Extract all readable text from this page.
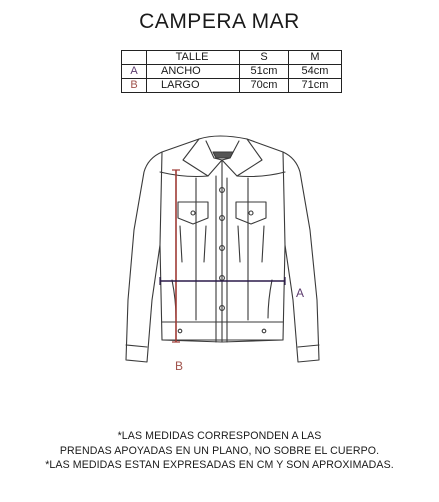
CAMPERA MAR
	TALLE	S	M
A	ANCHO	51cm	54cm
B	LARGO	70cm	71cm
A
B
*LAS MEDIDAS CORRESPONDEN A LAS
PRENDAS APOYADAS EN UN PLANO, NO SOBRE EL CUERPO.
*LAS MEDIDAS ESTAN EXPRESADAS EN CM Y SON APROXIMADAS.
